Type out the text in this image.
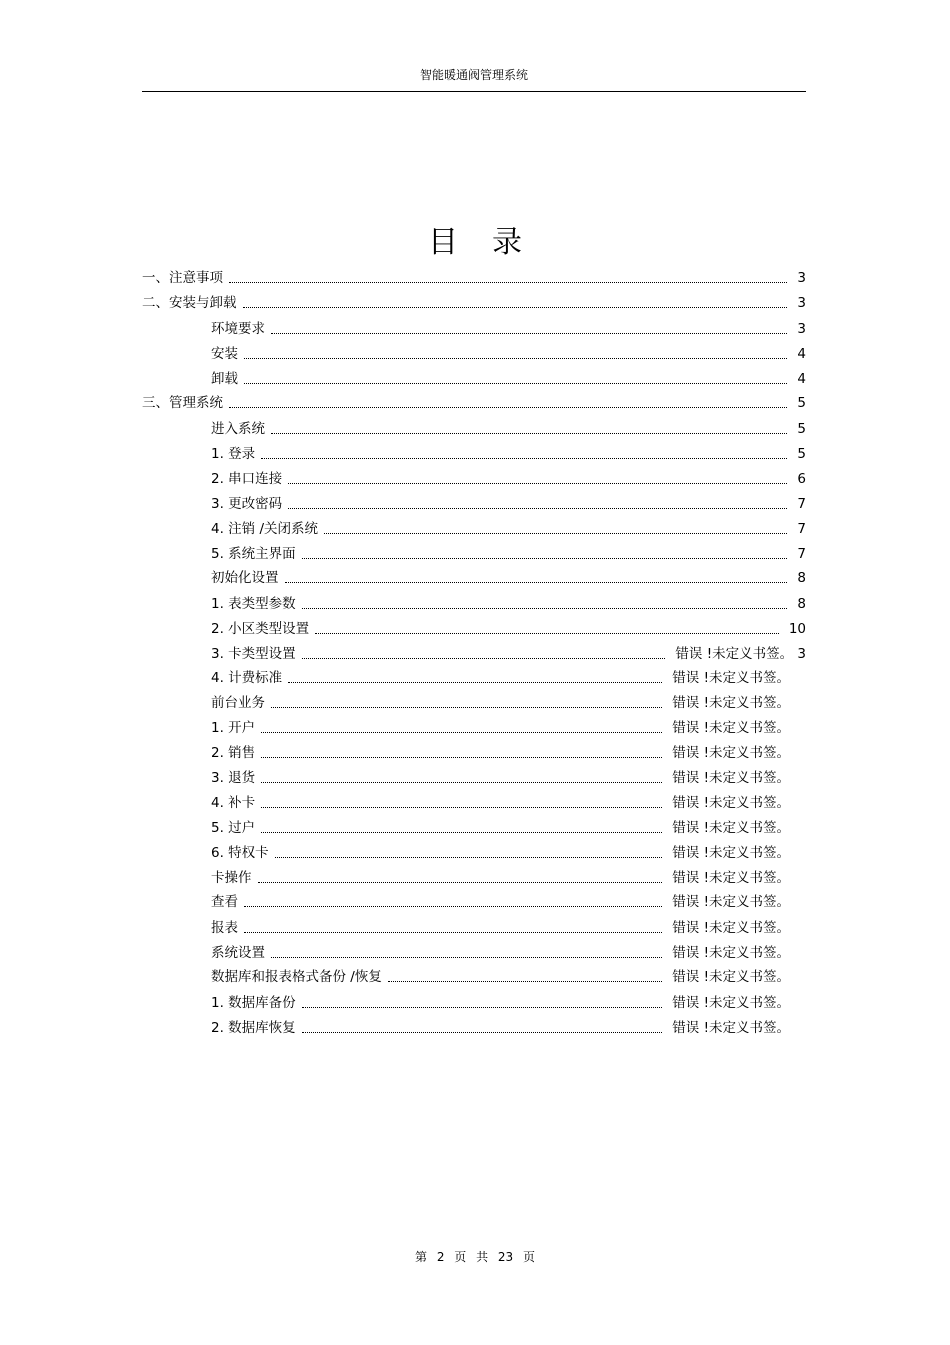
智能暖通阀管理系统
目录
一、注意事项	3
二、安装与卸载	3
环境要求	3
安装	4
卸载	4
三、管理系统	5
进入系统	5
1. 登录	5
2. 串口连接	6
3. 更改密码	7
4. 注销 /关闭系统	7
5. 系统主界面	7
初始化设置	8
1. 表类型参数	8
2. 小区类型设置	10
3. 卡类型设置	错误 !未定义书签。 3
4. 计费标准	错误 !未定义书签。
前台业务	错误 !未定义书签。
1. 开户	错误 !未定义书签。
2. 销售	错误 !未定义书签。
3. 退货	错误 !未定义书签。
4. 补卡	错误 !未定义书签。
5. 过户	错误 !未定义书签。
6. 特权卡	错误 !未定义书签。
卡操作	错误 !未定义书签。
查看	错误 !未定义书签。
报表	错误 !未定义书签。
系统设置	错误 !未定义书签。
数据库和报表格式备份 /恢复	错误 !未定义书签。
1. 数据库备份	错误 !未定义书签。
2. 数据库恢复	错误 !未定义书签。
第 2 页 共 23 页
